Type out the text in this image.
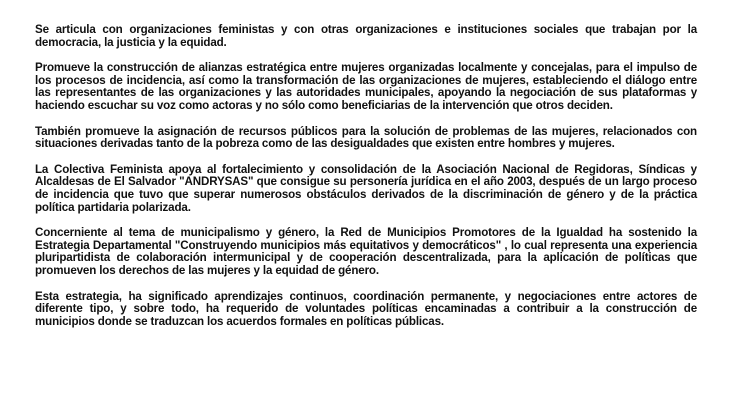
Se articula con organizaciones feministas y con otras organizaciones e instituciones sociales que trabajan por la democracia, la justicia y la equidad.

Promueve la construcción de alianzas estratégica entre mujeres organizadas localmente y concejalas, para el impulso de los procesos de incidencia, así como la transformación de las organizaciones de mujeres, estableciendo el diálogo entre las representantes de las organizaciones y las autoridades municipales, apoyando la negociación de sus plataformas y haciendo escuchar su voz como actoras y no sólo como beneficiarias de la intervención que otros deciden.

También promueve la asignación de recursos públicos para la solución de problemas de las mujeres, relacionados con situaciones derivadas tanto de la pobreza como de las desigualdades que existen entre hombres y mujeres.

La Colectiva Feminista apoya al fortalecimiento y consolidación de la Asociación Nacional de Regidoras, Síndicas y Alcaldesas de El Salvador "ANDRYSAS" que consigue su personería jurídica en el año 2003, después de un largo proceso de incidencia que tuvo que superar numerosos obstáculos derivados de la discriminación de género y de la práctica política partidaria polarizada.

Concerniente al tema de municipalismo y género, la Red de Municipios Promotores de la Igualdad ha sostenido la Estrategia Departamental "Construyendo municipios más equitativos y democráticos" , lo cual representa una experiencia pluripartidista de colaboración intermunicipal y de cooperación descentralizada, para la aplicación de políticas que promueven los derechos de las mujeres y la equidad de género.

Esta estrategia, ha significado aprendizajes continuos, coordinación permanente, y negociaciones entre actores de diferente tipo, y sobre todo, ha requerido de voluntades políticas encaminadas a contribuir a la construcción de municipios donde se traduzcan los acuerdos formales en políticas públicas.
